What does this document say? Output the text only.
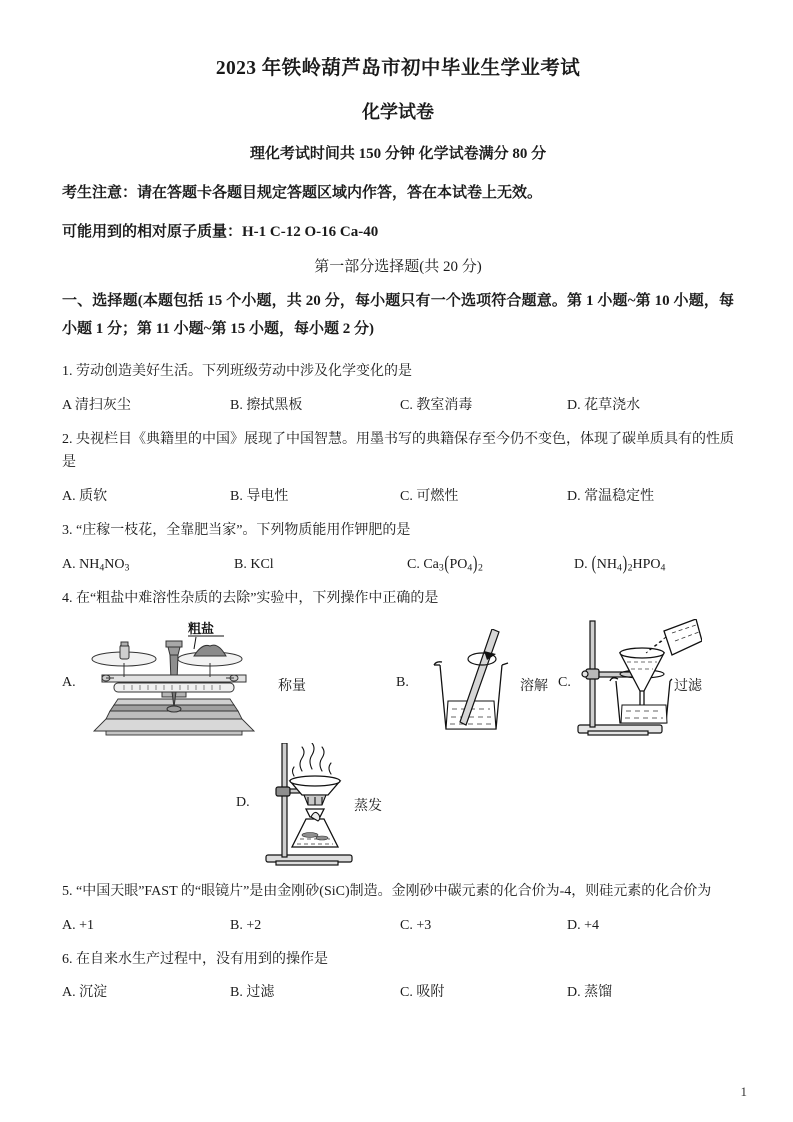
2023 年铁岭葫芦岛市初中毕业生学业考试
化学试卷
理化考试时间共 150 分钟 化学试卷满分 80 分
考生注意：请在答题卡各题目规定答题区域内作答，答在本试卷上无效。
可能用到的相对原子质量：H-1 C-12 O-16 Ca-40
第一部分选择题(共 20 分)
一、选择题(本题包括 15 个小题，共 20 分，每小题只有一个选项符合题意。第 1 小题~第 10 小题，每小题 1 分；第 11 小题~第 15 小题，每小题 2 分)
1. 劳动创造美好生活。下列班级劳动中涉及化学变化的是
A 清扫灰尘	B. 擦拭黑板	C. 教室消毒	D. 花草浇水
2. 央视栏目《典籍里的中国》展现了中国智慧。用墨书写的典籍保存至今仍不变色，体现了碳单质具有的性质是
A. 质软	B. 导电性	C. 可燃性	D. 常温稳定性
3. “庄稼一枝花，全靠肥当家”。下列物质能用作钾肥的是
A. $NH_4NO_3$	B. KCl	C. $Ca_3(PO_4)_2$	D. $(NH_4)_2HPO_4$
4. 在“粗盐中难溶性杂质的去除”实验中，下列操作中正确的是
A.
粗盐
称量	B.	溶解 C.	过滤
D.	蒸发
5. “中国天眼”FAST 的“眼镜片”是由金刚砂(SiC)制造。金刚砂中碳元素的化合价为-4，则硅元素的化合价为
A. +1	B. +2	C. +3	D. +4
6. 在自来水生产过程中，没有用到的操作是
A. 沉淀	B. 过滤	C. 吸附	D. 蒸馏
1
